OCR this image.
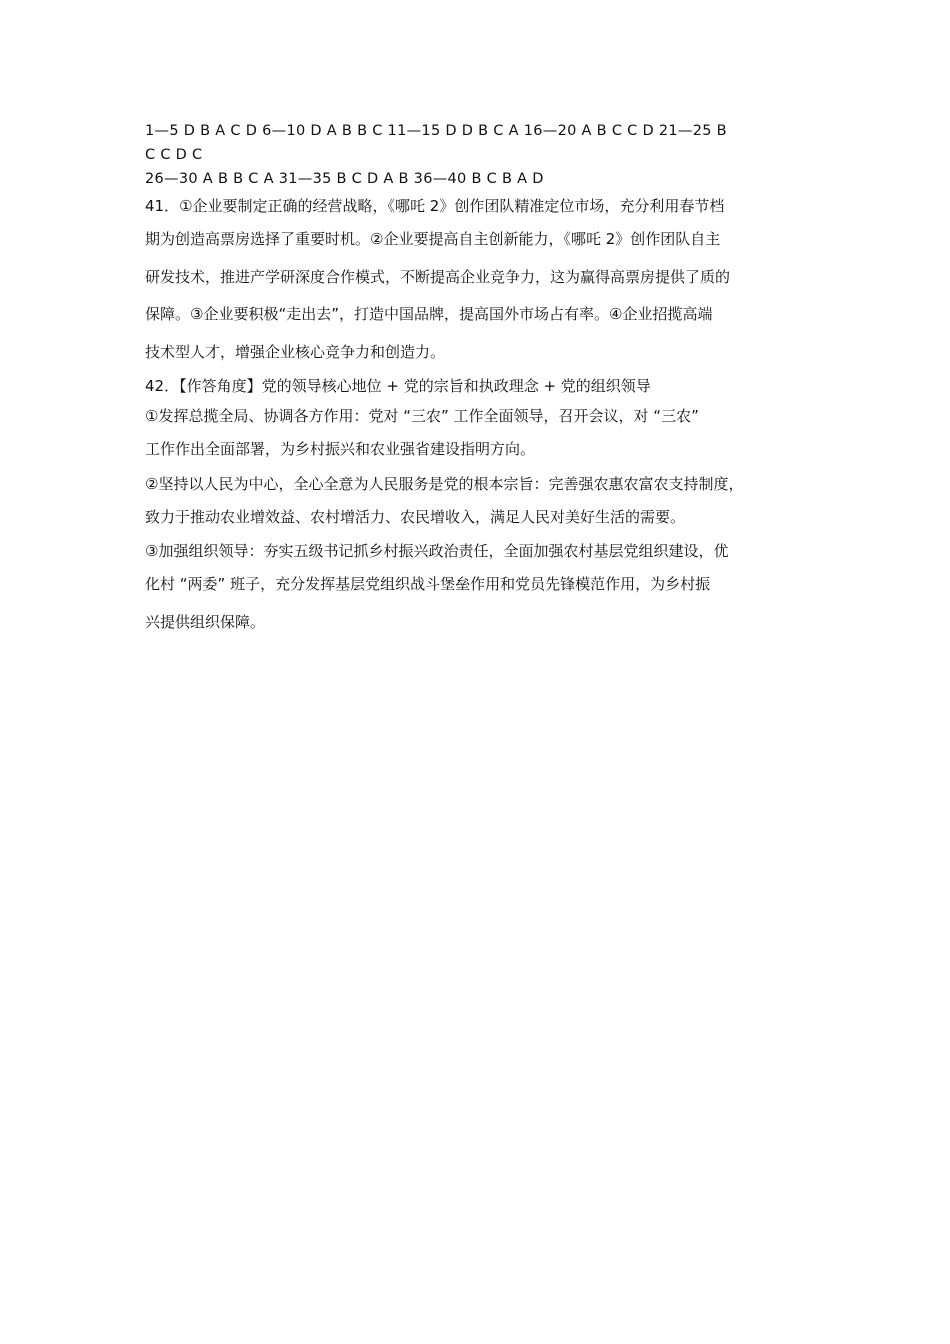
1—5 D B A C D 6—10 D A B B C 11—15 D D B C A 16—20 A B C C D 21—25 B
C C D C
26—30 A B B C A 31—35 B C D A B 36—40 B C B A D
41．①企业要制定正确的经营战略，《哪吒 2》创作团队精准定位市场，充分利用春节档
期为创造高票房选择了重要时机。②企业要提高自主创新能力，《哪吒 2》创作团队自主
研发技术，推进产学研深度合作模式，不断提高企业竞争力，这为赢得高票房提供了质的
保障。③企业要积极“走出去”，打造中国品牌，提高国外市场占有率。④企业招揽高端
技术型人才，增强企业核心竞争力和创造力。
42．【作答角度】党的领导核心地位 + 党的宗旨和执政理念 + 党的组织领导
①发挥总揽全局、协调各方作用：党对 “三农” 工作全面领导，召开会议，对 “三农”
工作作出全面部署，为乡村振兴和农业强省建设指明方向。
②坚持以人民为中心，全心全意为人民服务是党的根本宗旨：完善强农惠农富农支持制度，
致力于推动农业增效益、农村增活力、农民增收入，满足人民对美好生活的需要。
③加强组织领导：夯实五级书记抓乡村振兴政治责任，全面加强农村基层党组织建设，优
化村 “两委” 班子，充分发挥基层党组织战斗堡垒作用和党员先锋模范作用，为乡村振
兴提供组织保障。
